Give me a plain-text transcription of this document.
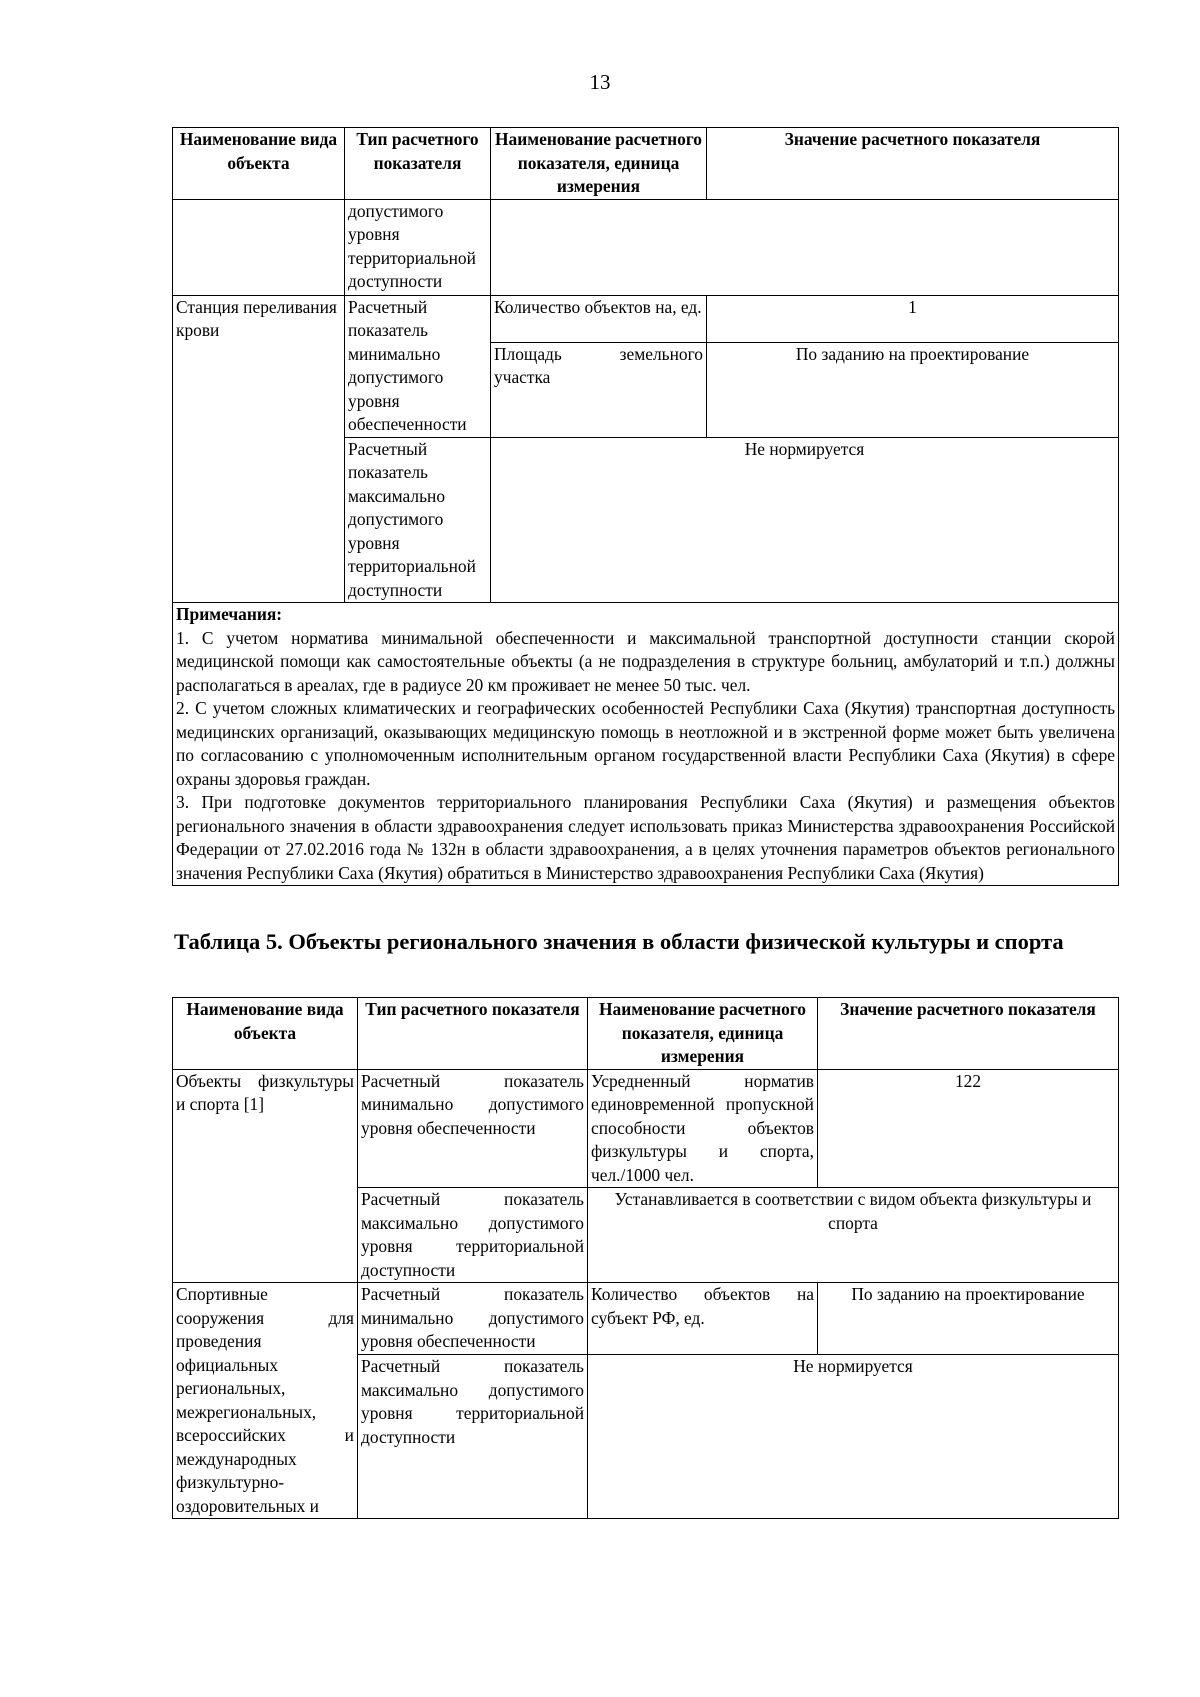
13
Наименование вида объекта	Тип расчетного показателя	Наименование расчетного показателя, единица измерения	Значение расчетного показателя
	допустимого уровня территориальной доступности		
Станция переливания крови	Расчетный показатель минимально допустимого уровня обеспеченности	Количество объектов на, ед.	1
		Площадь земельного участка	По заданию на проектирование
	Расчетный показатель максимально допустимого уровня территориальной доступности	Не нормируется	

Примечания:
1. С учетом норматива минимальной обеспеченности и максимальной транспортной доступности станции скорой медицинской помощи как самостоятельные объекты (а не подразделения в структуре больниц, амбулаторий и т.п.) должны располагаться в ареалах, где в радиусе 20 км проживает не менее 50 тыс. чел.
2. С учетом сложных климатических и географических особенностей Республики Саха (Якутия) транспортная доступность медицинских организаций, оказывающих медицинскую помощь в неотложной и в экстренной форме может быть увеличена по согласованию с уполномоченным исполнительным органом государственной власти Республики Саха (Якутия) в сфере охраны здоровья граждан.
3. При подготовке документов территориального планирования Республики Саха (Якутия) и размещения объектов регионального значения в области здравоохранения следует использовать приказ Министерства здравоохранения Российской Федерации от 27.02.2016 года № 132н в области здравоохранения, а в целях уточнения параметров объектов регионального значения Республики Саха (Якутия) обратиться в Министерство здравоохранения Республики Саха (Якутия)			
Таблица 5. Объекты регионального значения в области физической культуры и спорта
Наименование вида объекта	Тип расчетного показателя	Наименование расчетного показателя, единица измерения	Значение расчетного показателя
Объекты физкультуры и спорта [1]	Расчетный показатель минимально допустимого уровня обеспеченности	Усредненный норматив единовременной пропускной способности объектов физкультуры и спорта, чел./1000 чел.	122
	Расчетный показатель максимально допустимого уровня территориальной доступности	Устанавливается в соответствии с видом объекта физкультуры и спорта	
Спортивные сооружения для проведения официальных региональных, межрегиональных, всероссийских и международных физкультурно-оздоровительных и	Расчетный показатель минимально допустимого уровня обеспеченности	Количество объектов на субъект РФ, ед.	По заданию на проектирование
	Расчетный показатель максимально допустимого уровня территориальной доступности	Не нормируется	
